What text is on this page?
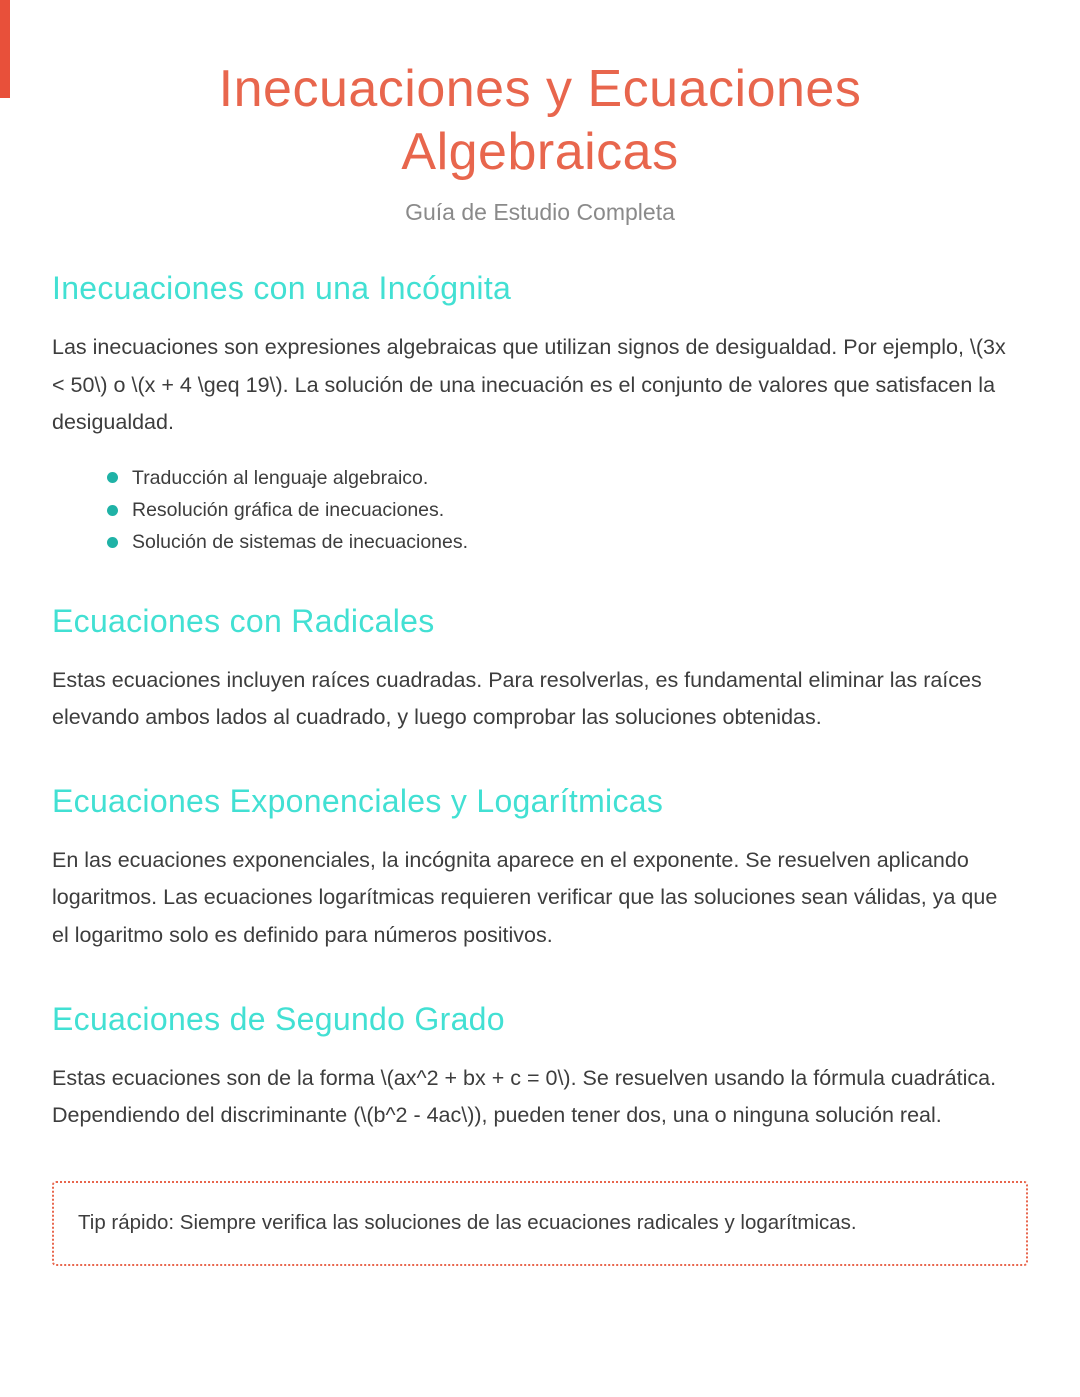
Inecuaciones y Ecuaciones Algebraicas

Guía de Estudio Completa

Inecuaciones con una Incógnita

Las inecuaciones son expresiones algebraicas que utilizan signos de desigualdad. Por ejemplo, \(3x < 50\) o \(x + 4 \geq 19\). La solución de una inecuación es el conjunto de valores que satisfacen la desigualdad.

Traducción al lenguaje algebraico.
Resolución gráfica de inecuaciones.
Solución de sistemas de inecuaciones.
Ecuaciones con Radicales

Estas ecuaciones incluyen raíces cuadradas. Para resolverlas, es fundamental eliminar las raíces elevando ambos lados al cuadrado, y luego comprobar las soluciones obtenidas.

Ecuaciones Exponenciales y Logarítmicas

En las ecuaciones exponenciales, la incógnita aparece en el exponente. Se resuelven aplicando logaritmos. Las ecuaciones logarítmicas requieren verificar que las soluciones sean válidas, ya que el logaritmo solo es definido para números positivos.

Ecuaciones de Segundo Grado

Estas ecuaciones son de la forma \(ax^2 + bx + c = 0\). Se resuelven usando la fórmula cuadrática. Dependiendo del discriminante (\(b^2 - 4ac\)), pueden tener dos, una o ninguna solución real.

Tip rápido: Siempre verifica las soluciones de las ecuaciones radicales y logarítmicas.
